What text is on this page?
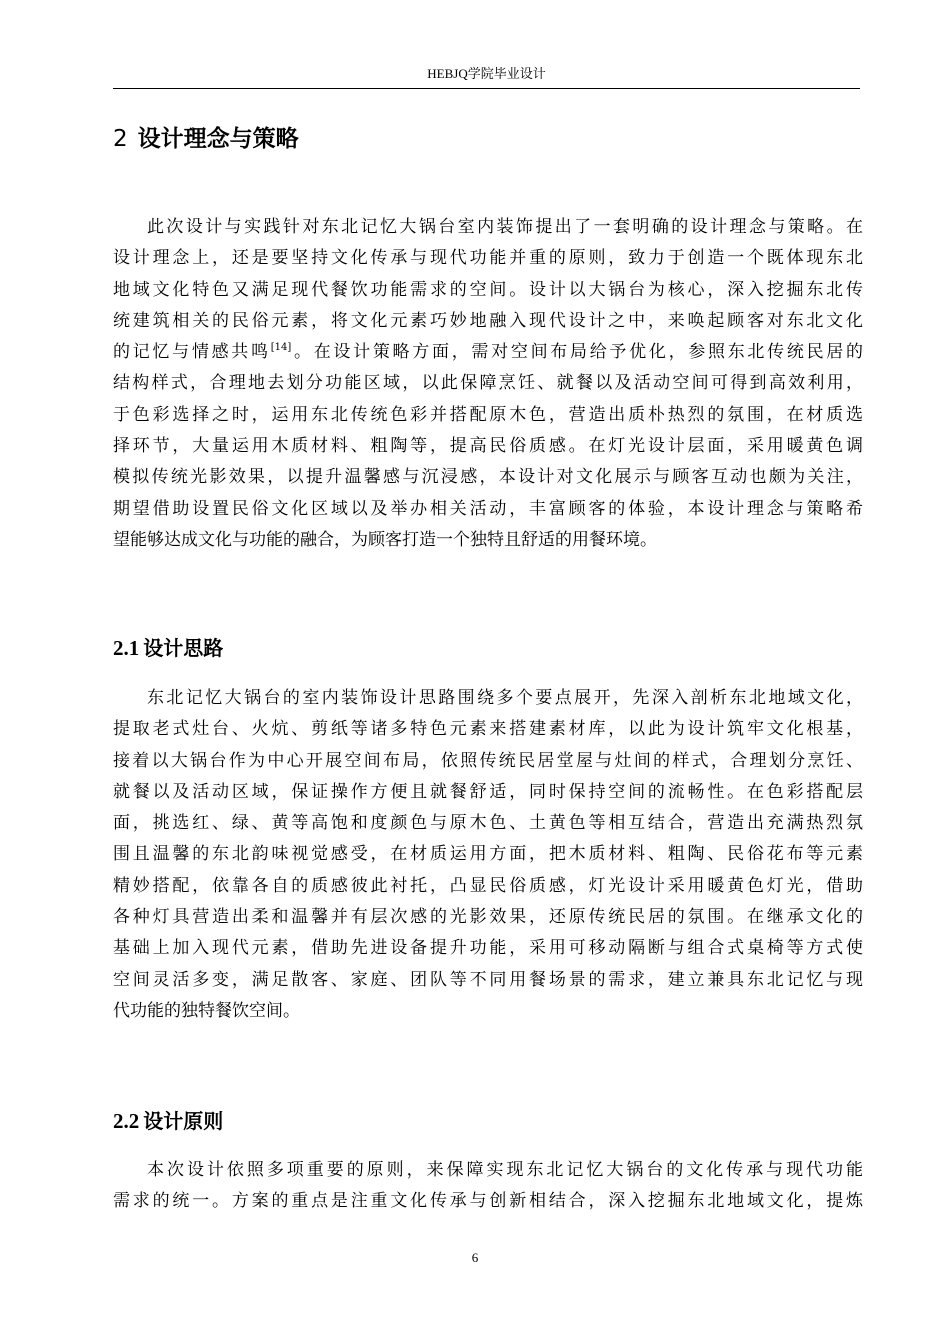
HEBJQ学院毕业设计
2 设计理念与策略
此次设计与实践针对东北记忆大锅台室内装饰提出了一套明确的设计理念与策略。在
设计理念上，还是要坚持文化传承与现代功能并重的原则，致力于创造一个既体现东北
地域文化特色又满足现代餐饮功能需求的空间。设计以大锅台为核心，深入挖掘东北传
统建筑相关的民俗元素，将文化元素巧妙地融入现代设计之中，来唤起顾客对东北文化
的记忆与情感共鸣[14]。在设计策略方面，需对空间布局给予优化，参照东北传统民居的
结构样式，合理地去划分功能区域，以此保障烹饪、就餐以及活动空间可得到高效利用，
于色彩选择之时，运用东北传统色彩并搭配原木色，营造出质朴热烈的氛围，在材质选
择环节，大量运用木质材料、粗陶等，提高民俗质感。在灯光设计层面，采用暖黄色调
模拟传统光影效果，以提升温馨感与沉浸感，本设计对文化展示与顾客互动也颇为关注，
期望借助设置民俗文化区域以及举办相关活动，丰富顾客的体验，本设计理念与策略希
望能够达成文化与功能的融合，为顾客打造一个独特且舒适的用餐环境。
2.1 设计思路
东北记忆大锅台的室内装饰设计思路围绕多个要点展开，先深入剖析东北地域文化，
提取老式灶台、火炕、剪纸等诸多特色元素来搭建素材库，以此为设计筑牢文化根基，
接着以大锅台作为中心开展空间布局，依照传统民居堂屋与灶间的样式，合理划分烹饪、
就餐以及活动区域，保证操作方便且就餐舒适，同时保持空间的流畅性。在色彩搭配层
面，挑选红、绿、黄等高饱和度颜色与原木色、土黄色等相互结合，营造出充满热烈氛
围且温馨的东北韵味视觉感受，在材质运用方面，把木质材料、粗陶、民俗花布等元素
精妙搭配，依靠各自的质感彼此衬托，凸显民俗质感，灯光设计采用暖黄色灯光，借助
各种灯具营造出柔和温馨并有层次感的光影效果，还原传统民居的氛围。在继承文化的
基础上加入现代元素，借助先进设备提升功能，采用可移动隔断与组合式桌椅等方式使
空间灵活多变，满足散客、家庭、团队等不同用餐场景的需求，建立兼具东北记忆与现
代功能的独特餐饮空间。
2.2 设计原则
本次设计依照多项重要的原则，来保障实现东北记忆大锅台的文化传承与现代功能
需求的统一。方案的重点是注重文化传承与创新相结合，深入挖掘东北地域文化，提炼
6
